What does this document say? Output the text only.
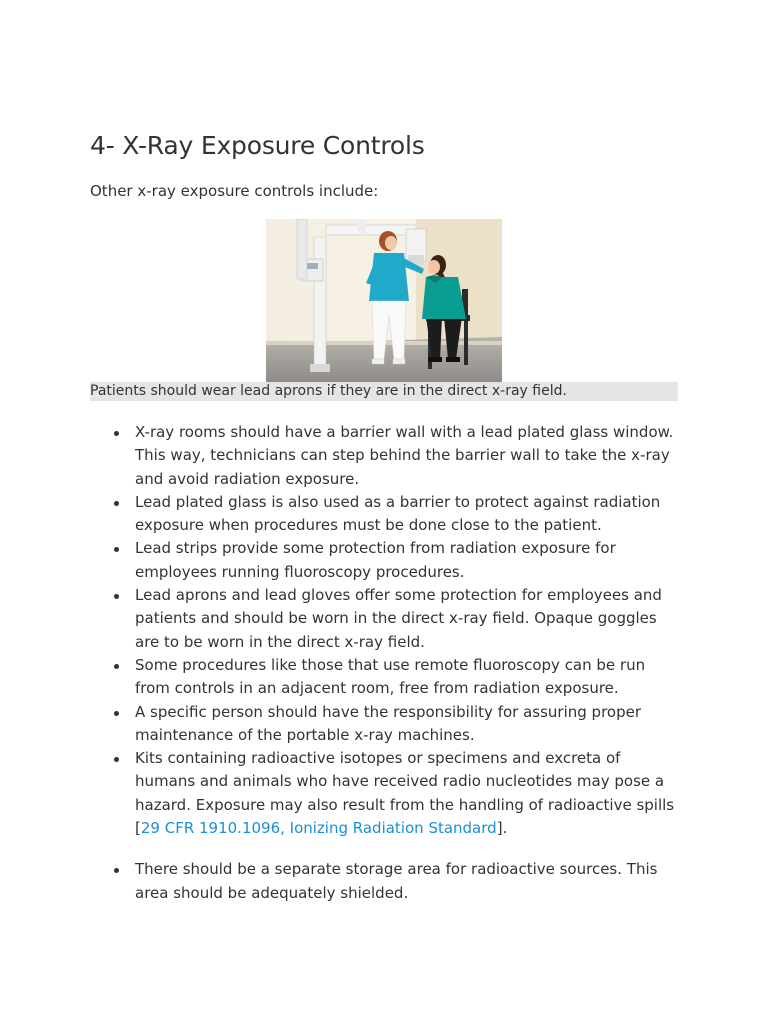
4- X-Ray Exposure Controls

Other x-ray exposure controls include:

Patients should wear lead aprons if they are in the direct x-ray field.

X-ray rooms should have a barrier wall with a lead plated glass window. This way, technicians can step behind the barrier wall to take the x-ray and avoid radiation exposure.
Lead plated glass is also used as a barrier to protect against radiation exposure when procedures must be done close to the patient.
Lead strips provide some protection from radiation exposure for employees running fluoroscopy procedures.
Lead aprons and lead gloves offer some protection for employees and patients and should be worn in the direct x-ray field. Opaque goggles are to be worn in the direct x-ray field.
Some procedures like those that use remote fluoroscopy can be run from controls in an adjacent room, free from radiation exposure.
A specific person should have the responsibility for assuring proper maintenance of the portable x-ray machines.
Kits containing radioactive isotopes or specimens and excreta of humans and animals who have received radio nucleotides may pose a hazard. Exposure may also result from the handling of radioactive spills [29 CFR 1910.1096, Ionizing Radiation Standard].
There should be a separate storage area for radioactive sources. This area should be adequately shielded.
